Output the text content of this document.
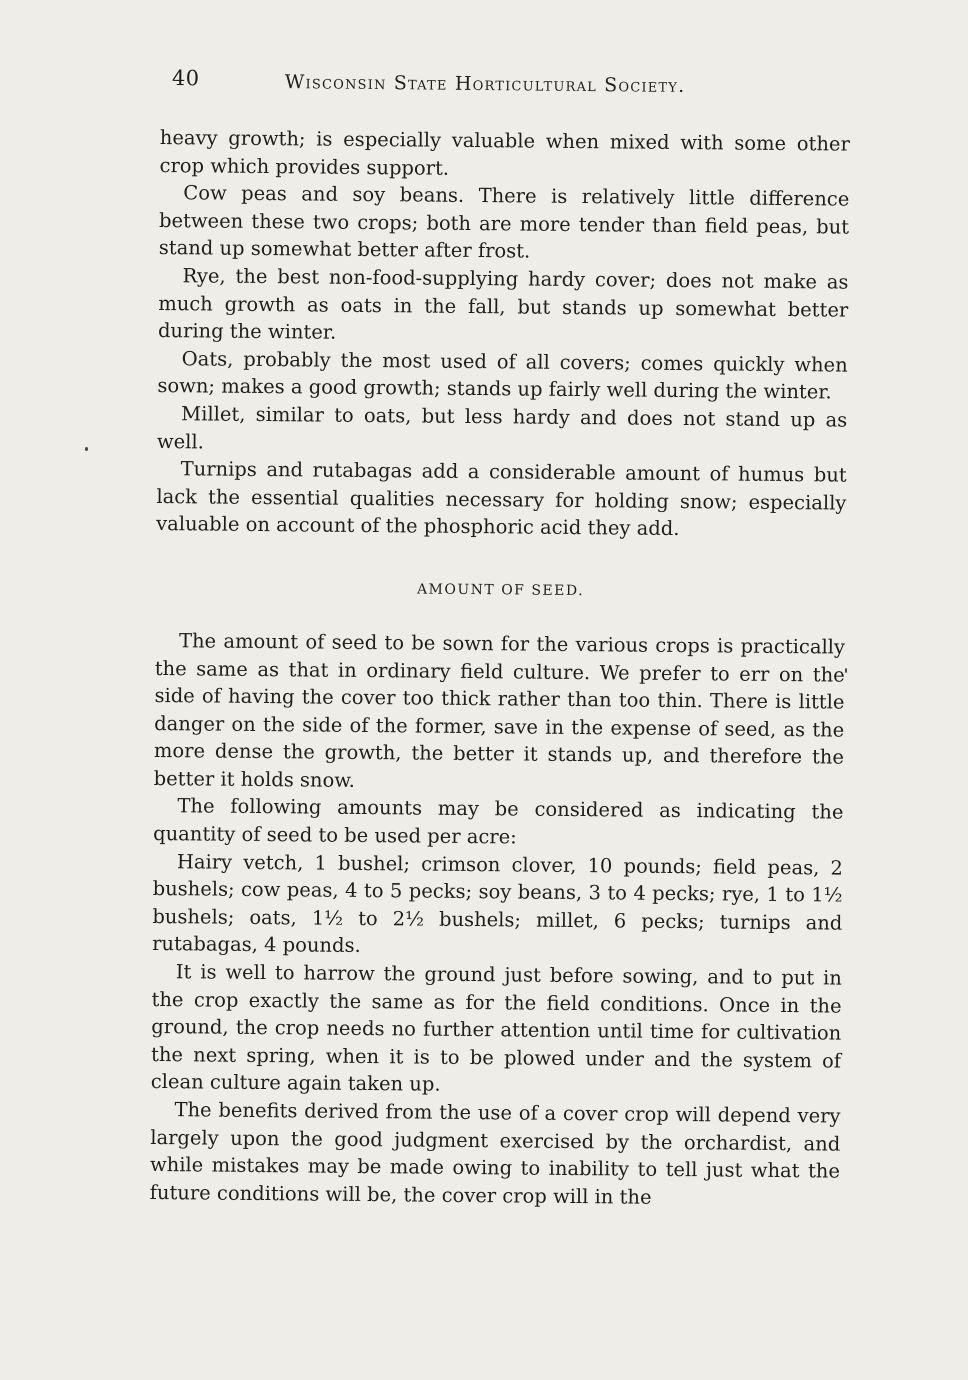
40	Wisconsin State Horticultural Society.

heavy growth; is especially valuable when mixed with some other crop which provides support.

Cow peas and soy beans. There is relatively little difference between these two crops; both are more tender than field peas, but stand up somewhat better after frost.

Rye, the best non-food-supplying hardy cover; does not make as much growth as oats in the fall, but stands up somewhat better during the winter.

Oats, probably the most used of all covers; comes quickly when sown; makes a good growth; stands up fairly well during the winter.

Millet, similar to oats, but less hardy and does not stand up as well.

Turnips and rutabagas add a considerable amount of humus but lack the essential qualities necessary for holding snow; especially valuable on account of the phosphoric acid they add.

AMOUNT OF SEED.

The amount of seed to be sown for the various crops is practically the same as that in ordinary field culture. We prefer to err on the side of having the cover too thick rather than too thin. There is little danger on the side of the former, save in the expense of seed, as the more dense the growth, the better it stands up, and therefore the better it holds snow.

The following amounts may be considered as indicating the quantity of seed to be used per acre:

Hairy vetch, 1 bushel; crimson clover, 10 pounds; field peas, 2 bushels; cow peas, 4 to 5 pecks; soy beans, 3 to 4 pecks; rye, 1 to 1½ bushels; oats, 1½ to 2½ bushels; millet, 6 pecks; turnips and rutabagas, 4 pounds.

It is well to harrow the ground just before sowing, and to put in the crop exactly the same as for the field conditions. Once in the ground, the crop needs no further attention until time for cultivation the next spring, when it is to be plowed under and the system of clean culture again taken up.

The benefits derived from the use of a cover crop will depend very largely upon the good judgment exercised by the orchardist, and while mistakes may be made owing to inability to tell just what the future conditions will be, the cover crop will in the
